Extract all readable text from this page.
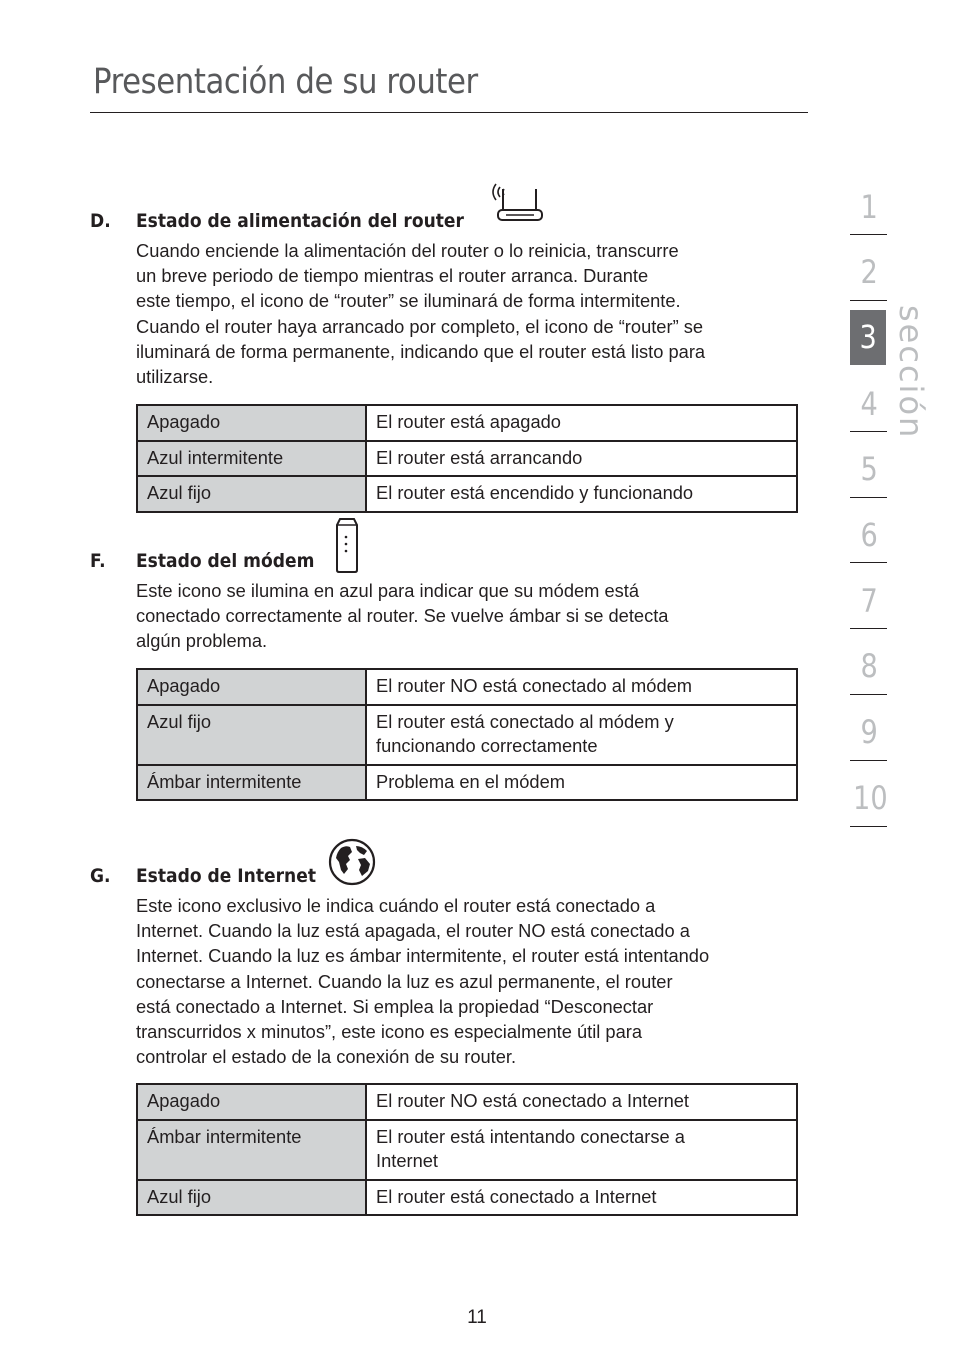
Presentación de su router
D. Estado de alimentación del router

Cuando enciende la alimentación del router o lo reinicia, transcurre

un breve periodo de tiempo mientras el router arranca. Durante

este tiempo, el icono de “router” se iluminará de forma intermitente.

Cuando el router haya arrancado por completo, el icono de “router” se

iluminará de forma permanente, indicando que el router está listo para

utilizarse.

Apagado	El router está apagado
Azul intermitente	El router está arrancando
Azul fijo	El router está encendido y funcionando
F. Estado del módem

Este icono se ilumina en azul para indicar que su módem está

conectado correctamente al router. Se vuelve ámbar si se detecta

algún problema.

Apagado	El router NO está conectado al módem
Azul fijo	El router está conectado al módem y funcionando correctamente
Ámbar intermitente	Problema en el módem
G. Estado de Internet

Este icono exclusivo le indica cuándo el router está conectado a

Internet. Cuando la luz está apagada, el router NO está conectado a

Internet. Cuando la luz es ámbar intermitente, el router está intentando

conectarse a Internet. Cuando la luz es azul permanente, el router

está conectado a Internet. Si emplea la propiedad “Desconectar

transcurridos x minutos”, este icono es especialmente útil para

controlar el estado de la conexión de su router.

Apagado	El router NO está conectado a Internet
Ámbar intermitente	El router está intentando conectarse a Internet
Azul fijo	El router está conectado a Internet
1
2
3
4
5
6
7
8
9
10
sección
11
